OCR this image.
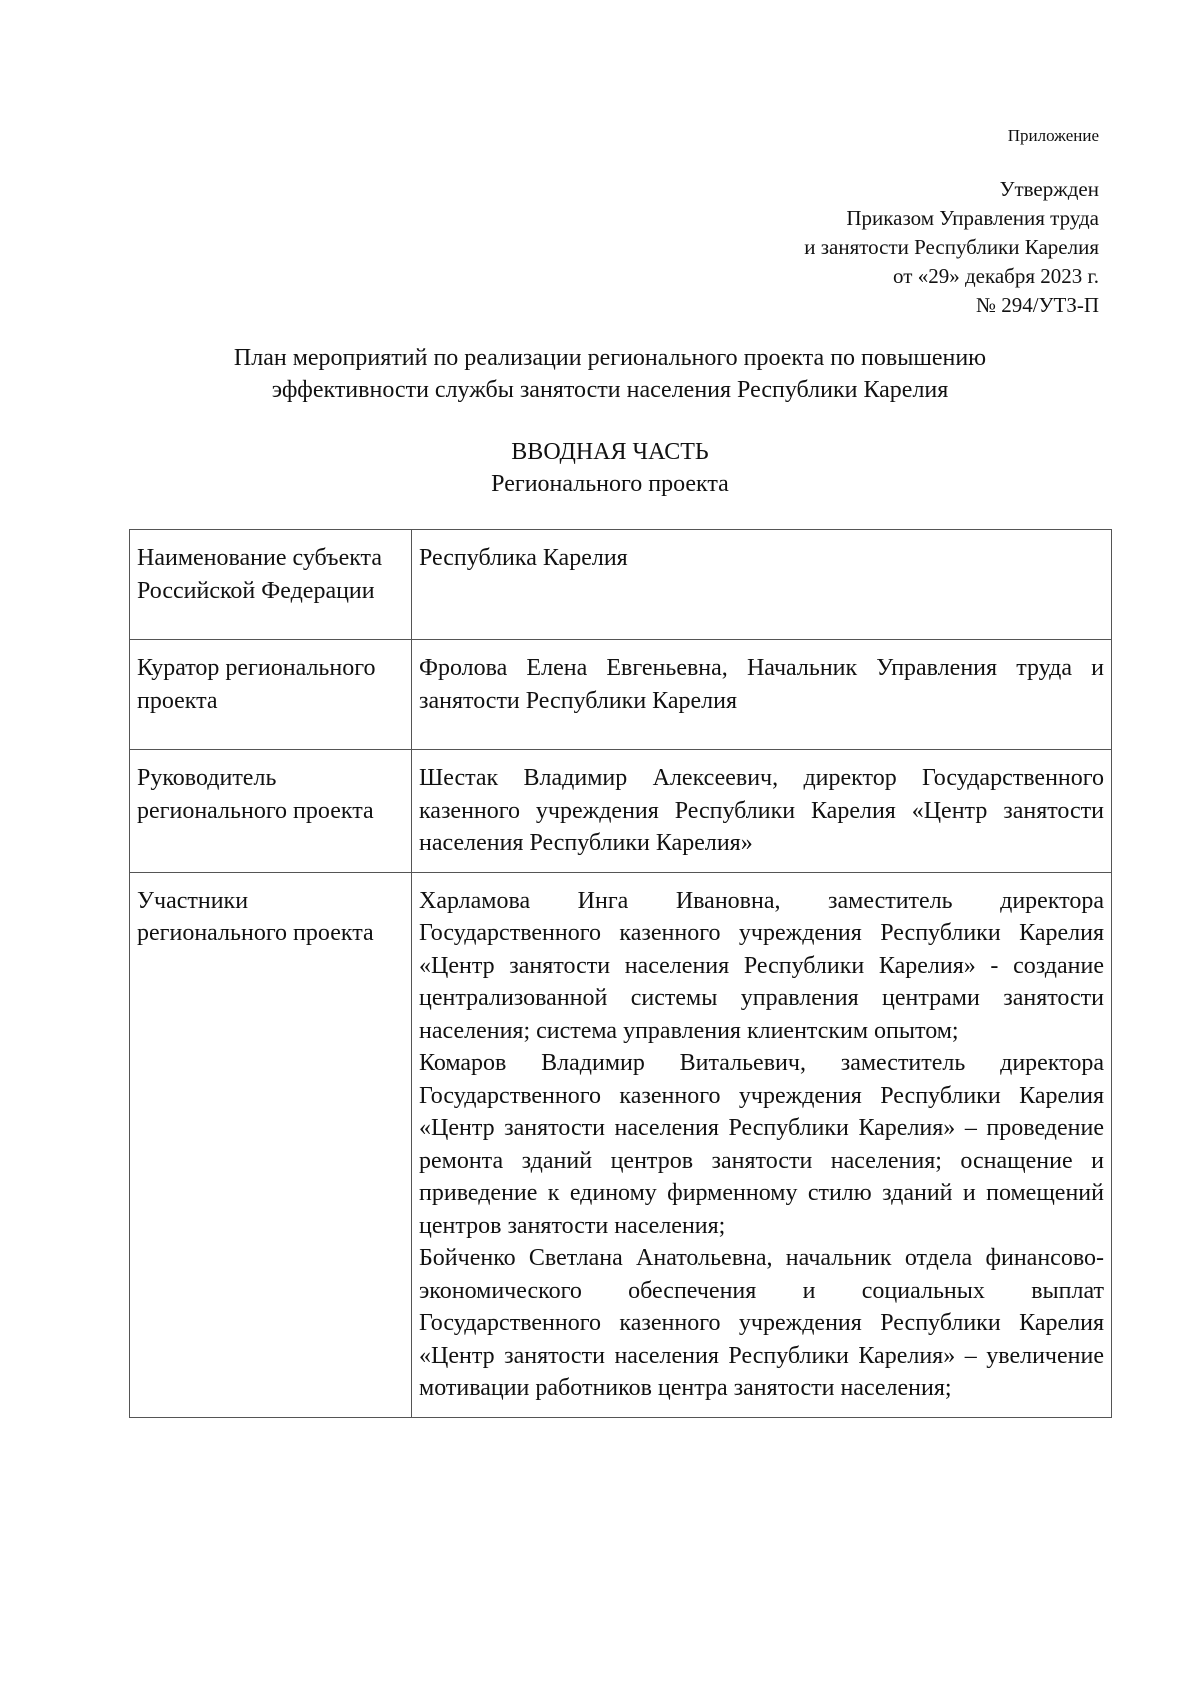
Приложение
Утвержден
Приказом Управления труда
и занятости Республики Карелия
от «29» декабря 2023 г.
№ 294/УТЗ-П
План мероприятий по реализации регионального проекта по повышению
эффективности службы занятости населения Республики Карелия
ВВОДНАЯ ЧАСТЬ
Регионального проекта
Наименование субъекта Российской Федерации	Республика Карелия
Куратор регионального проекта	Фролова Елена Евгеньевна, Начальник Управления труда и занятости Республики Карелия
Руководитель регионального проекта	Шестак Владимир Алексеевич, директор Государственного казенного учреждения Республики Карелия «Центр занятости населения Республики Карелия»
Участники регионального проекта	Харламова Инга Ивановна, заместитель директора Государственного казенного учреждения Республики Карелия «Центр занятости населения Республики Карелия» - создание централизованной системы управления центрами занятости населения; система управления клиентским опытом;

Комаров Владимир Витальевич, заместитель директора Государственного казенного учреждения Республики Карелия «Центр занятости населения Республики Карелия» – проведение ремонта зданий центров занятости населения; оснащение и приведение к единому фирменному стилю зданий и помещений центров занятости населения;

Бойченко Светлана Анатольевна, начальник отдела финансово-экономического обеспечения и социальных выплат Государственного казенного учреждения Республики Карелия «Центр занятости населения Республики Карелия» – увеличение мотивации работников центра занятости населения;
